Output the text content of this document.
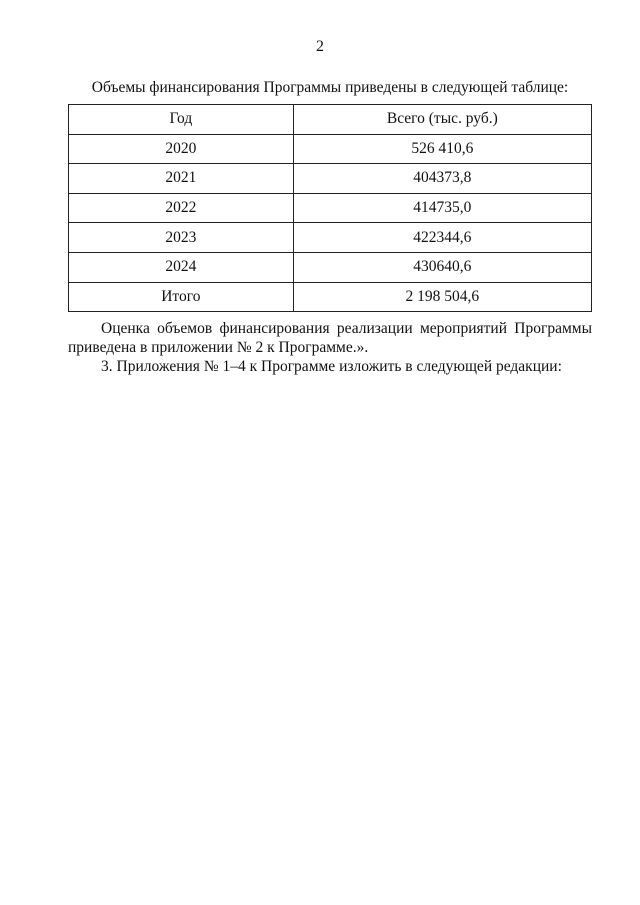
2
Объемы финансирования Программы приведены в следующей таблице:
Год	Всего (тыс. руб.)
2020	526 410,6
2021	404373,8
2022	414735,0
2023	422344,6
2024	430640,6
Итого	2 198 504,6
Оценка объемов финансирования реализации мероприятий Программы
приведена в приложении № 2 к Программе.».
3. Приложения № 1–4 к Программе изложить в следующей редакции:
